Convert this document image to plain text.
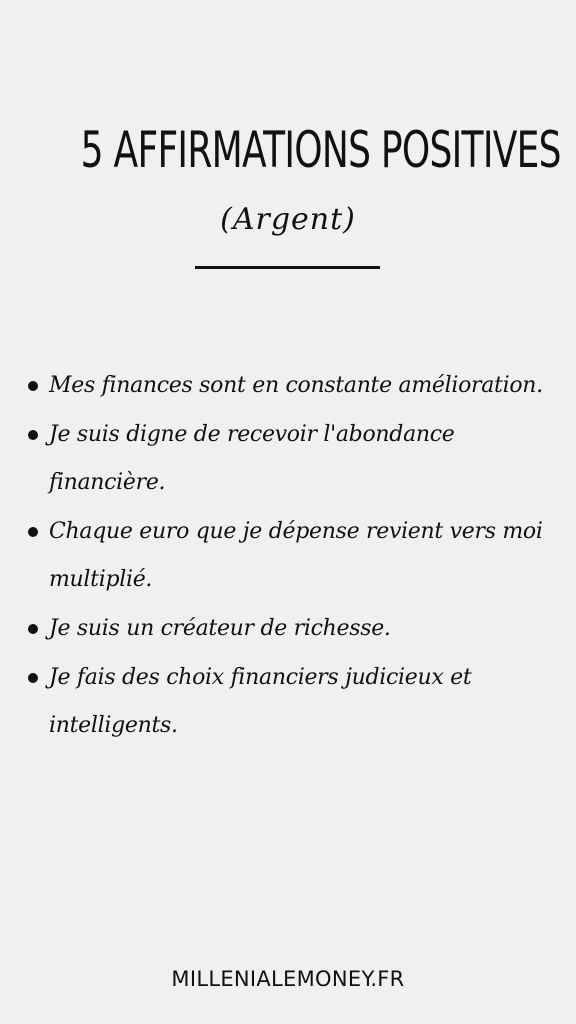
5 AFFIRMATIONS POSITIVES
(Argent)
Mes finances sont en constante amélioration.
Je suis digne de recevoir l'abondance financière.
Chaque euro que je dépense revient vers moi multiplié.
Je suis un créateur de richesse.
Je fais des choix financiers judicieux et intelligents.
MILLENIALEMONEY.FR
